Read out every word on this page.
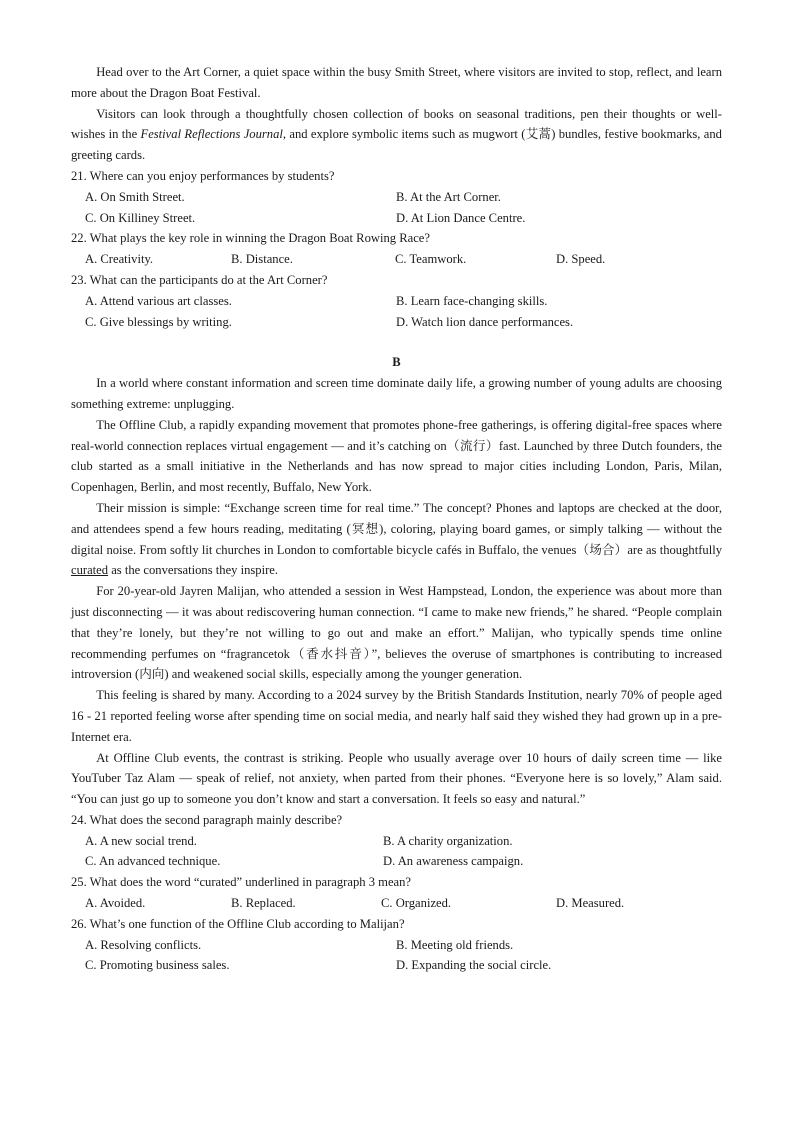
Head over to the Art Corner, a quiet space within the busy Smith Street, where visitors are invited to stop, reflect, and learn more about the Dragon Boat Festival.

Visitors can look through a thoughtfully chosen collection of books on seasonal traditions, pen their thoughts or well-wishes in the Festival Reflections Journal, and explore symbolic items such as mugwort (艾蒿) bundles, festive bookmarks, and greeting cards.

21. Where can you enjoy performances by students?

A. On Smith Street.	B. At the Art Corner.
C. On Killiney Street.	D. At Lion Dance Centre.

22. What plays the key role in winning the Dragon Boat Rowing Race?

A. Creativity.	B. Distance.	C. Teamwork.	D. Speed.

23. What can the participants do at the Art Corner?

A. Attend various art classes.	B. Learn face-changing skills.
C. Give blessings by writing.	D. Watch lion dance performances.

B

In a world where constant information and screen time dominate daily life, a growing number of young adults are choosing something extreme: unplugging.

The Offline Club, a rapidly expanding movement that promotes phone-free gatherings, is offering digital-free spaces where real-world connection replaces virtual engagement — and it’s catching on（流行）fast. Launched by three Dutch founders, the club started as a small initiative in the Netherlands and has now spread to major cities including London, Paris, Milan, Copenhagen, Berlin, and most recently, Buffalo, New York.

Their mission is simple: “Exchange screen time for real time.” The concept? Phones and laptops are checked at the door, and attendees spend a few hours reading, meditating (冥想), coloring, playing board games, or simply talking — without the digital noise. From softly lit churches in London to comfortable bicycle cafés in Buffalo, the venues（场合）are as thoughtfully curated as the conversations they inspire.

For 20-year-old Jayren Malijan, who attended a session in West Hampstead, London, the experience was about more than just disconnecting — it was about rediscovering human connection. “I came to make new friends,” he shared. “People complain that they’re lonely, but they’re not willing to go out and make an effort.” Malijan, who typically spends time online recommending perfumes on “fragrancetok（香水抖音）”, believes the overuse of smartphones is contributing to increased introversion (内向) and weakened social skills, especially among the younger generation.

This feeling is shared by many. According to a 2024 survey by the British Standards Institution, nearly 70% of people aged 16 - 21 reported feeling worse after spending time on social media, and nearly half said they wished they had grown up in a pre-Internet era.

At Offline Club events, the contrast is striking. People who usually average over 10 hours of daily screen time — like YouTuber Taz Alam — speak of relief, not anxiety, when parted from their phones. “Everyone here is so lovely,” Alam said. “You can just go up to someone you don’t know and start a conversation. It feels so easy and natural.”

24. What does the second paragraph mainly describe?

A. A new social trend.	B. A charity organization.
C. An advanced technique.	D. An awareness campaign.

25. What does the word “curated” underlined in paragraph 3 mean?

A. Avoided.	B. Replaced.	C. Organized.	D. Measured.

26. What’s one function of the Offline Club according to Malijan?

A. Resolving conflicts.	B. Meeting old friends.
C. Promoting business sales.	D. Expanding the social circle.
